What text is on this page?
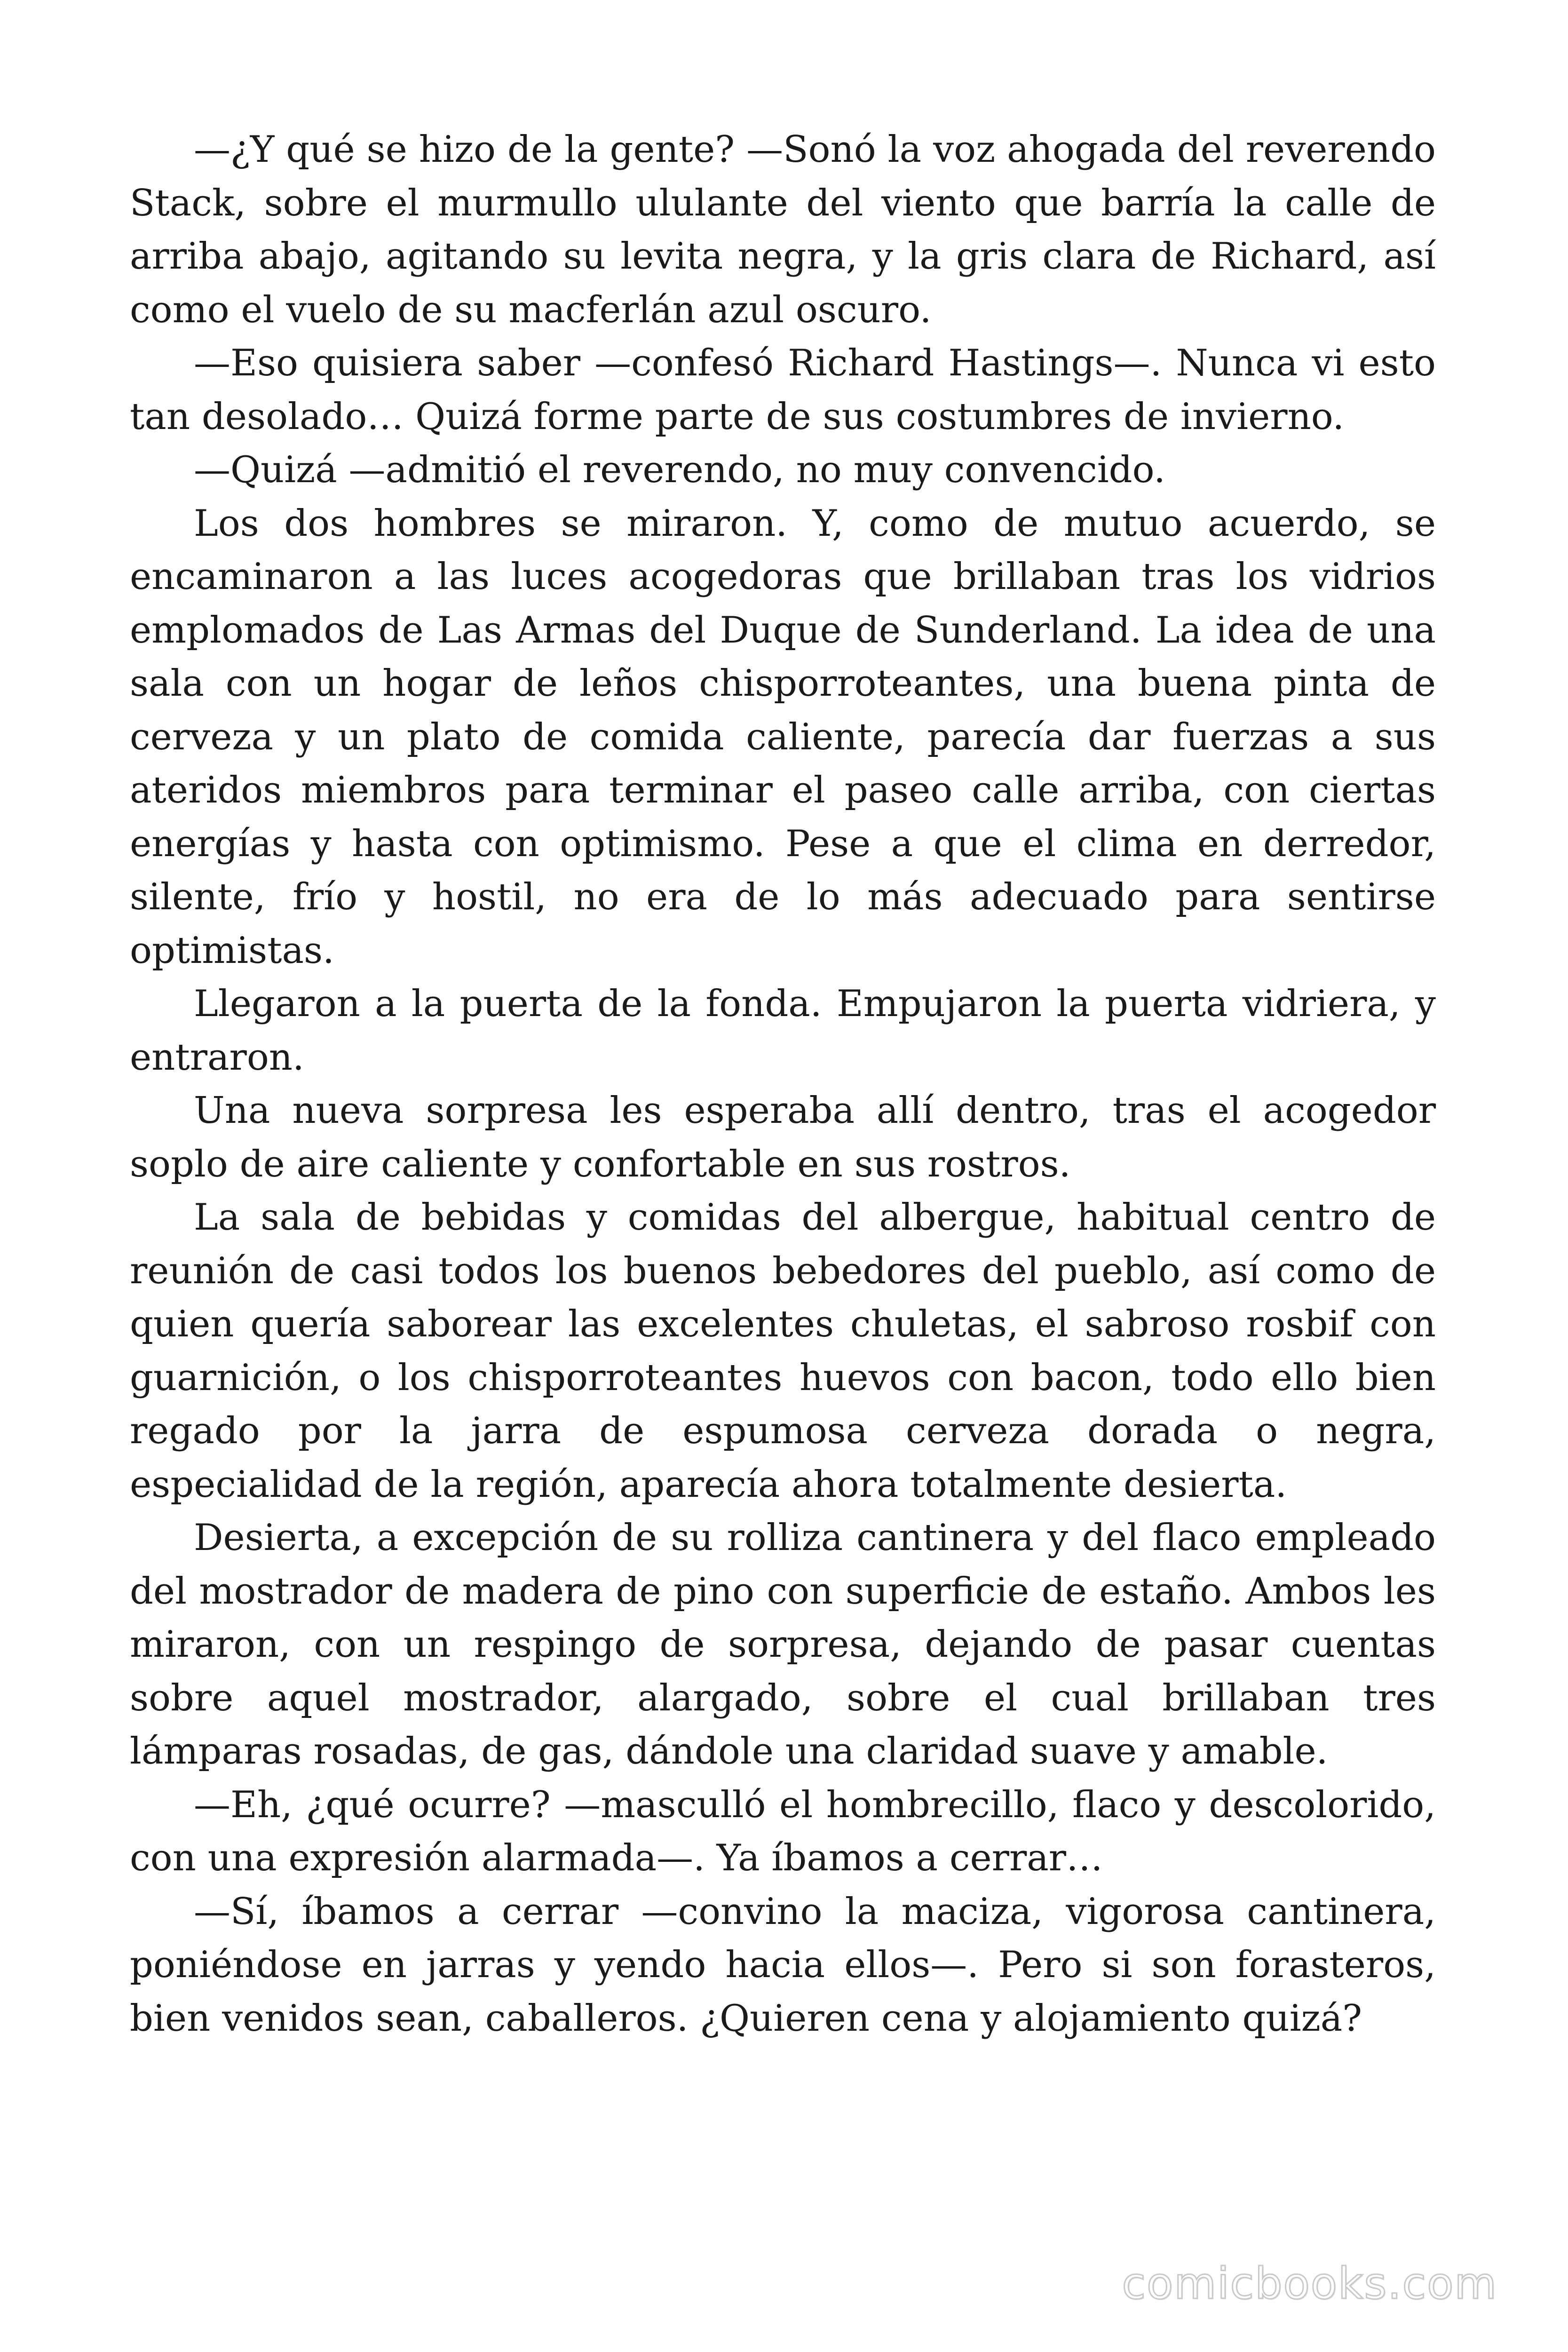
—¿Y qué se hizo de la gente? —Sonó la voz ahogada del reverendo Stack, sobre el murmullo ululante del viento que barría la calle de arriba abajo, agitando su levita negra, y la gris clara de Richard, así como el vuelo de su macferlán azul oscuro.

—Eso quisiera saber —confesó Richard Hastings—. Nunca vi esto tan desolado… Quizá forme parte de sus costumbres de invierno.

—Quizá —admitió el reverendo, no muy convencido.

Los dos hombres se miraron. Y, como de mutuo acuerdo, se encaminaron a las luces acogedoras que brillaban tras los vidrios emplomados de Las Armas del Duque de Sunderland. La idea de una sala con un hogar de leños chisporroteantes, una buena pinta de cerveza y un plato de comida caliente, parecía dar fuerzas a sus ateridos miembros para terminar el paseo calle arriba, con ciertas energías y hasta con optimismo. Pese a que el clima en derredor, silente, frío y hostil, no era de lo más adecuado para sentirse optimistas.

Llegaron a la puerta de la fonda. Empujaron la puerta vidriera, y entraron.

Una nueva sorpresa les esperaba allí dentro, tras el acogedor soplo de aire caliente y confortable en sus rostros.

La sala de bebidas y comidas del albergue, habitual centro de reunión de casi todos los buenos bebedores del pueblo, así como de quien quería saborear las excelentes chuletas, el sabroso rosbif con guarnición, o los chisporroteantes huevos con bacon, todo ello bien regado por la jarra de espumosa cerveza dorada o negra, especialidad de la región, aparecía ahora totalmente desierta.

Desierta, a excepción de su rolliza cantinera y del flaco empleado del mostrador de madera de pino con superficie de estaño. Ambos les miraron, con un respingo de sorpresa, dejando de pasar cuentas sobre aquel mostrador, alargado, sobre el cual brillaban tres lámparas rosadas, de gas, dándole una claridad suave y amable.

—Eh, ¿qué ocurre? —masculló el hombrecillo, flaco y descolorido, con una expresión alarmada—. Ya íbamos a cerrar…

—Sí, íbamos a cerrar —convino la maciza, vigorosa cantinera, poniéndose en jarras y yendo hacia ellos—. Pero si son forasteros, bien venidos sean, caballeros. ¿Quieren cena y alojamiento quizá?

comicbooks.com
